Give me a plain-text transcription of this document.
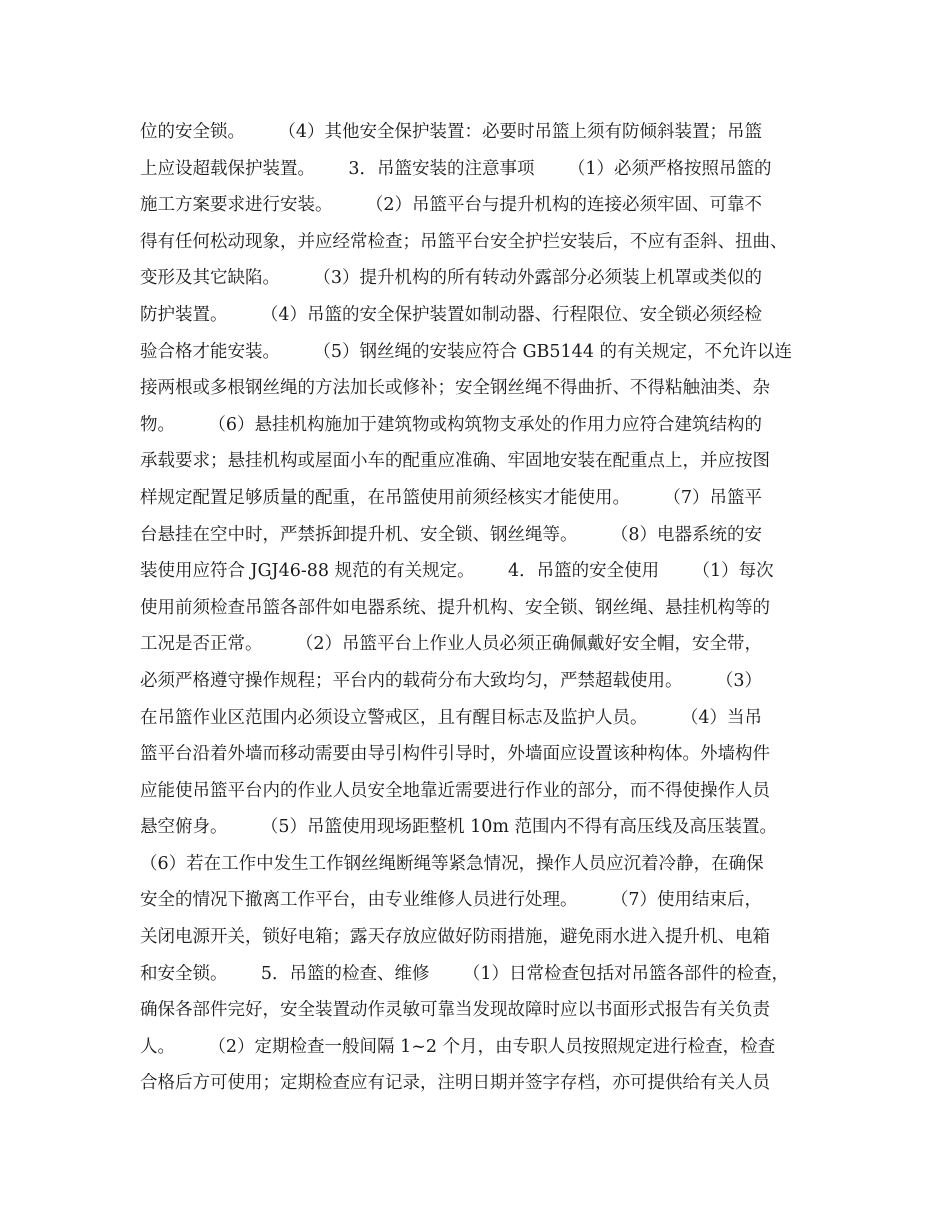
位的安全锁。      （4）其他安全保护装置：必要时吊篮上须有防倾斜装置；吊篮
上应设超载保护装置。      3．吊篮安装的注意事项      （1）必须严格按照吊篮的
施工方案要求进行安装。      （2）吊篮平台与提升机构的连接必须牢固、可靠不
得有任何松动现象，并应经常检查；吊篮平台安全护拦安装后，不应有歪斜、扭曲、
变形及其它缺陷。      （3）提升机构的所有转动外露部分必须装上机罩或类似的
防护装置。      （4）吊篮的安全保护装置如制动器、行程限位、安全锁必须经检
验合格才能安装。      （5）钢丝绳的安装应符合 GB5144 的有关规定，不允许以连
接两根或多根钢丝绳的方法加长或修补；安全钢丝绳不得曲折、不得粘触油类、杂
物。      （6）悬挂机构施加于建筑物或构筑物支承处的作用力应符合建筑结构的
承载要求；悬挂机构或屋面小车的配重应准确、牢固地安装在配重点上，并应按图
样规定配置足够质量的配重，在吊篮使用前须经核实才能使用。      （7）吊篮平
台悬挂在空中时，严禁拆卸提升机、安全锁、钢丝绳等。      （8）电器系统的安
装使用应符合 JGJ46-88 规范的有关规定。      4．吊篮的安全使用      （1）每次
使用前须检查吊篮各部件如电器系统、提升机构、安全锁、钢丝绳、悬挂机构等的
工况是否正常。      （2）吊篮平台上作业人员必须正确佩戴好安全帽，安全带，
必须严格遵守操作规程；平台内的载荷分布大致均匀，严禁超载使用。      （3）
在吊篮作业区范围内必须设立警戒区，且有醒目标志及监护人员。      （4）当吊
篮平台沿着外墙而移动需要由导引构件引导时，外墙面应设置该种构体。外墙构件
应能使吊篮平台内的作业人员安全地靠近需要进行作业的部分，而不得使操作人员
悬空俯身。      （5）吊篮使用现场距整机 10m 范围内不得有高压线及高压装置。
（6）若在工作中发生工作钢丝绳断绳等紧急情况，操作人员应沉着冷静，在确保
安全的情况下撤离工作平台，由专业维修人员进行处理。      （7）使用结束后，
关闭电源开关，锁好电箱；露天存放应做好防雨措施，避免雨水进入提升机、电箱
和安全锁。      5．吊篮的检查、维修      （1）日常检查包括对吊篮各部件的检查，
确保各部件完好，安全装置动作灵敏可靠当发现故障时应以书面形式报告有关负责
人。      （2）定期检查一般间隔 1~2 个月，由专职人员按照规定进行检查，检查
合格后方可使用；定期检查应有记录，注明日期并签字存档，亦可提供给有关人员
